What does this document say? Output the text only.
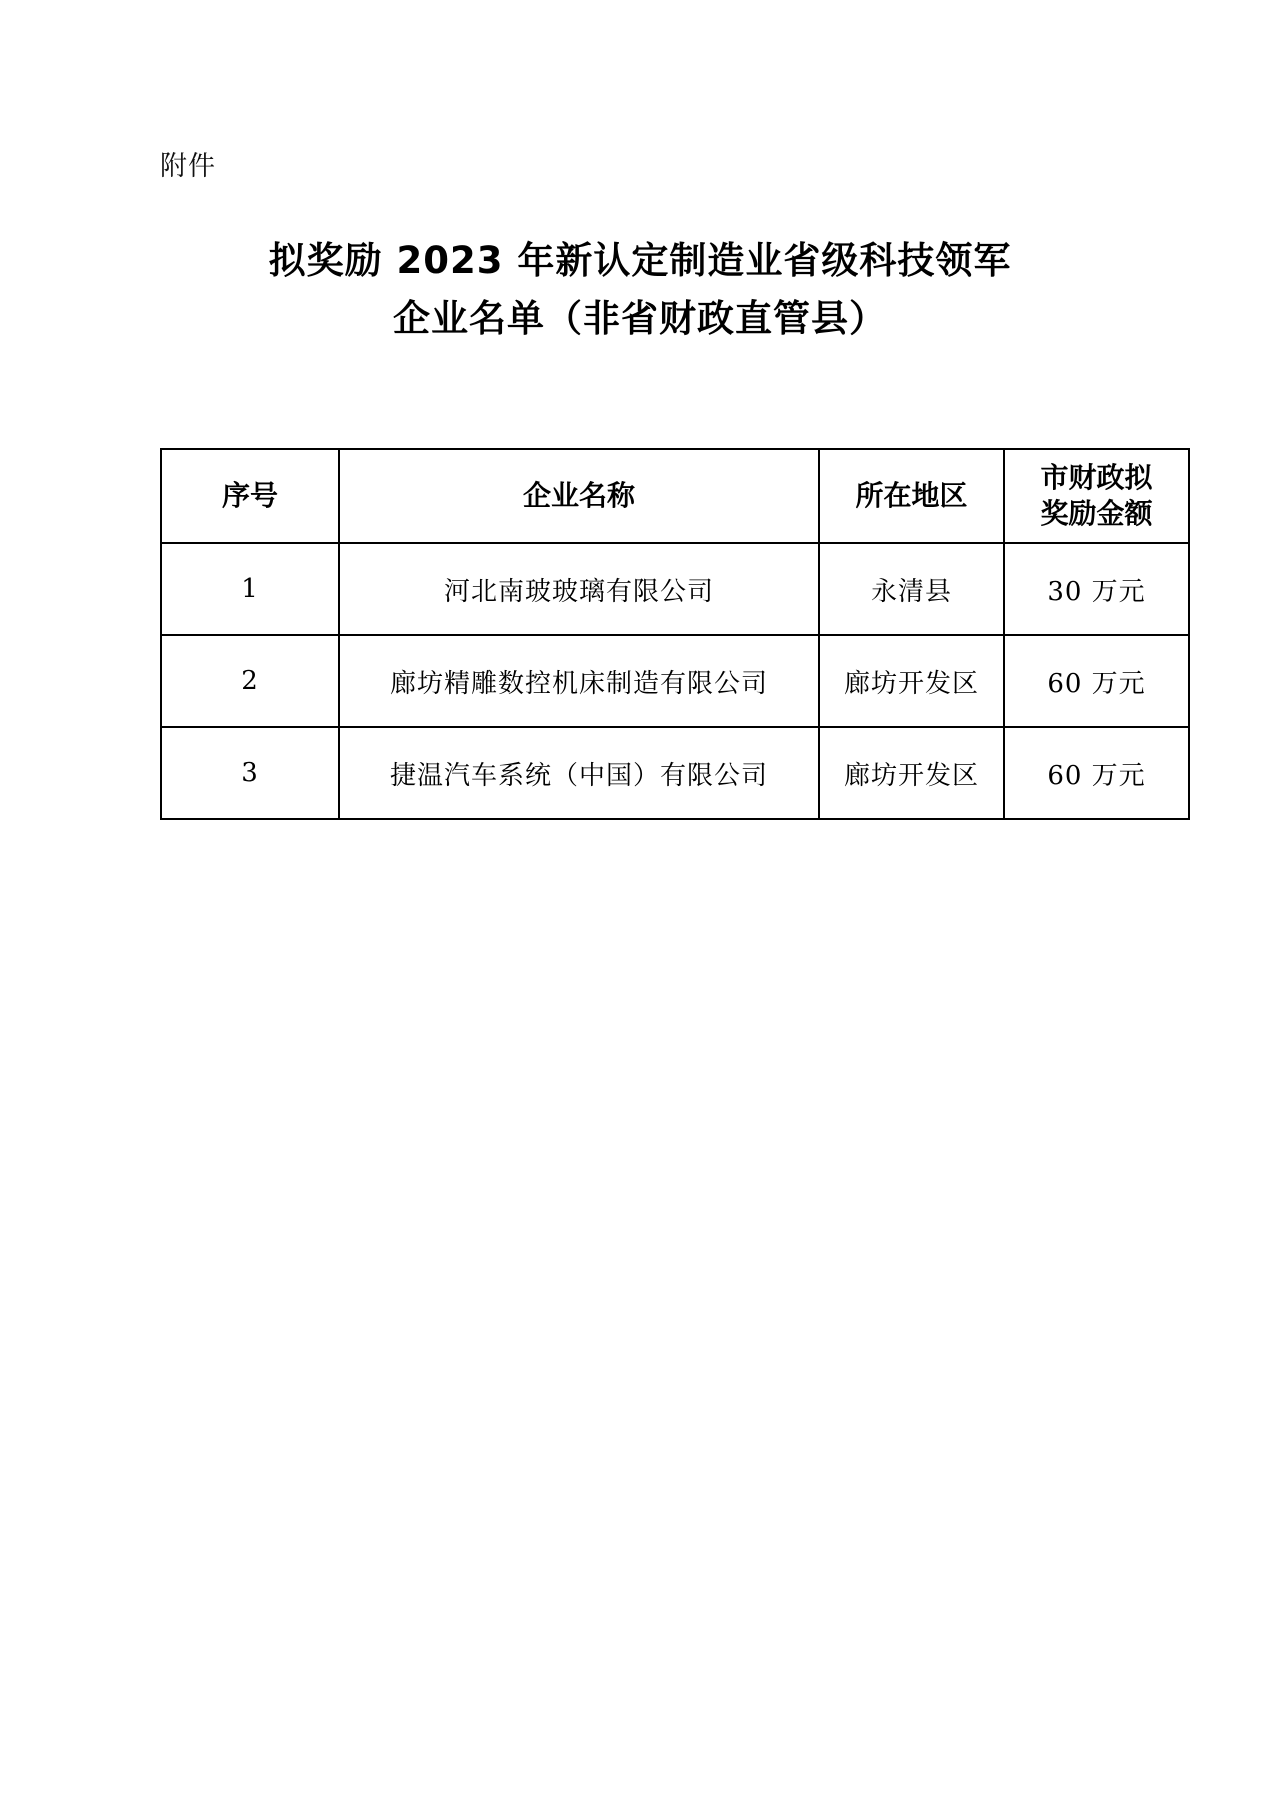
附件
拟奖励 2023 年新认定制造业省级科技领军
企业名单（非省财政直管县）
序号	企业名称	所在地区	市财政拟
奖励金额

1	河北南玻玻璃有限公司	永清县	30 万元
2	廊坊精雕数控机床制造有限公司	廊坊开发区	60 万元
3	捷温汽车系统（中国）有限公司	廊坊开发区	60 万元
